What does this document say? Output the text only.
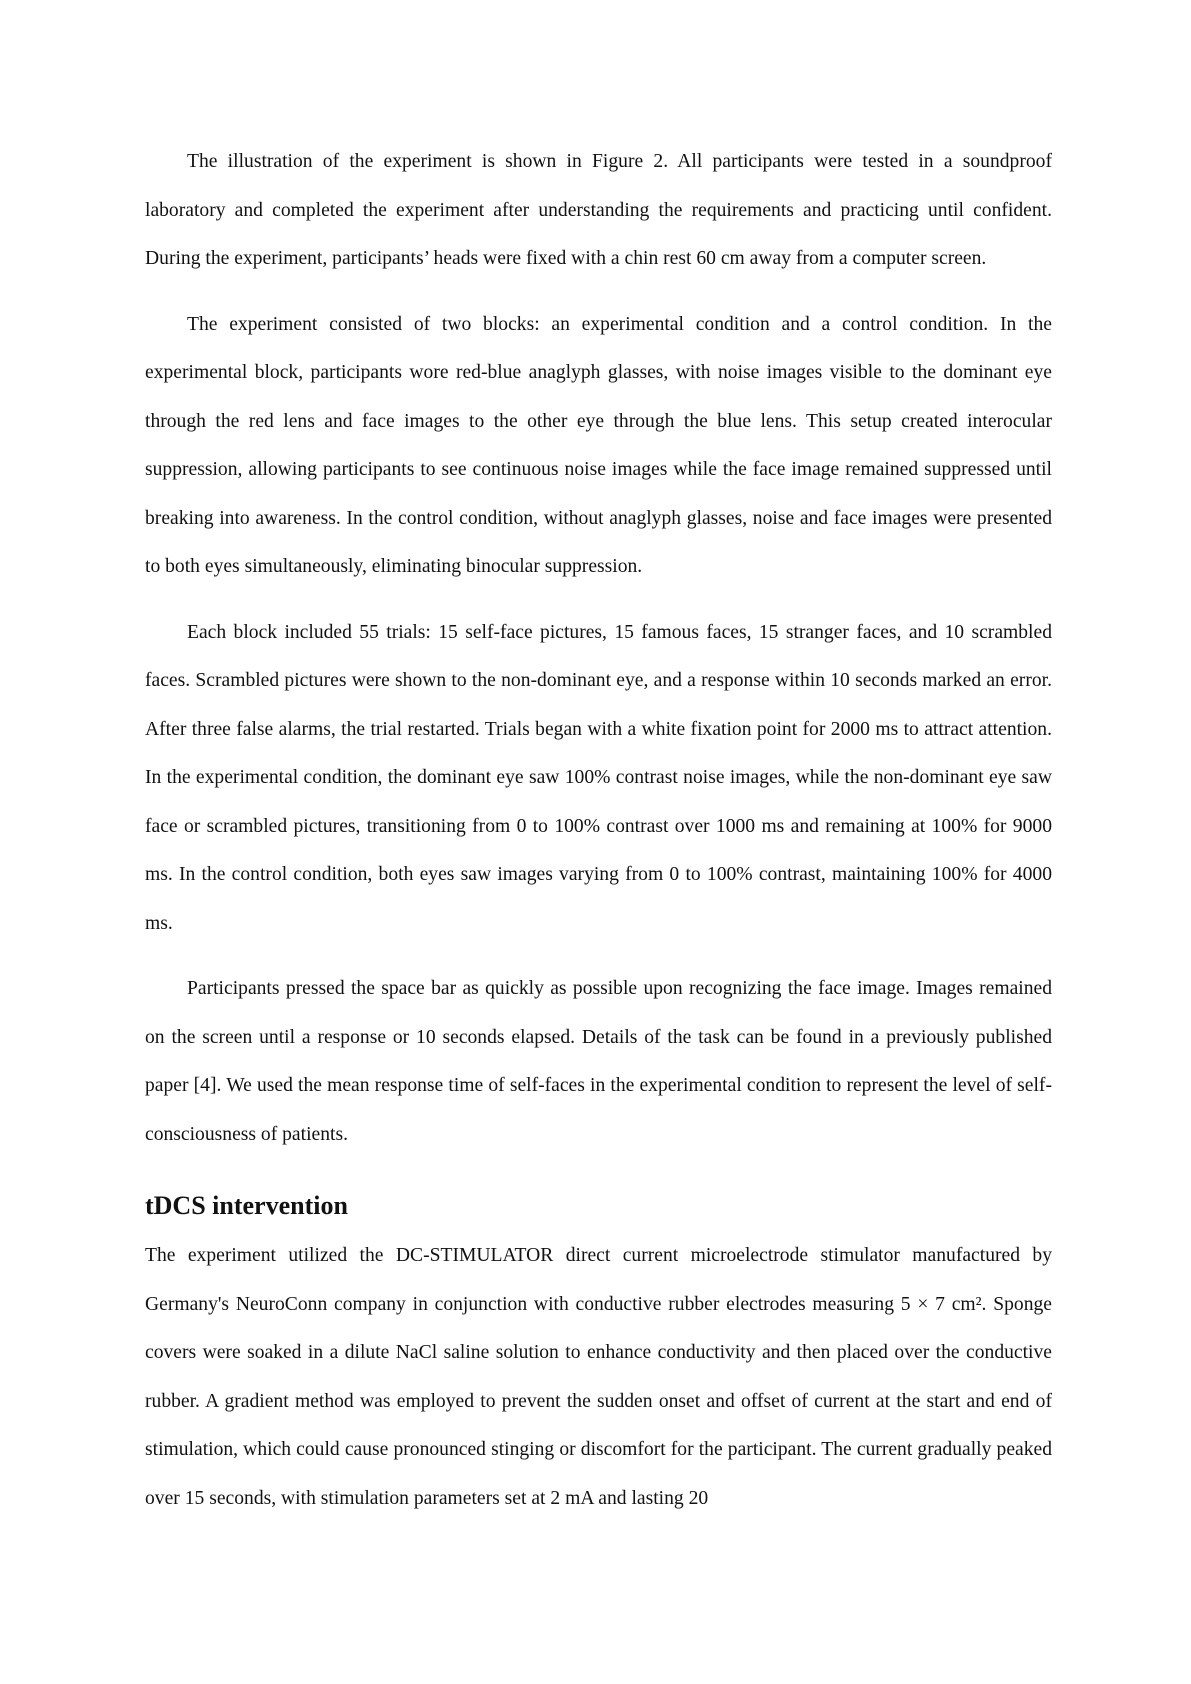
The illustration of the experiment is shown in Figure 2. All participants were tested in a soundproof laboratory and completed the experiment after understanding the requirements and practicing until confident. During the experiment, participants’ heads were fixed with a chin rest 60 cm away from a computer screen.

The experiment consisted of two blocks: an experimental condition and a control condition. In the experimental block, participants wore red-blue anaglyph glasses, with noise images visible to the dominant eye through the red lens and face images to the other eye through the blue lens. This setup created interocular suppression, allowing participants to see continuous noise images while the face image remained suppressed until breaking into awareness. In the control condition, without anaglyph glasses, noise and face images were presented to both eyes simultaneously, eliminating binocular suppression.

Each block included 55 trials: 15 self-face pictures, 15 famous faces, 15 stranger faces, and 10 scrambled faces. Scrambled pictures were shown to the non-dominant eye, and a response within 10 seconds marked an error. After three false alarms, the trial restarted. Trials began with a white fixation point for 2000 ms to attract attention. In the experimental condition, the dominant eye saw 100% contrast noise images, while the non-dominant eye saw face or scrambled pictures, transitioning from 0 to 100% contrast over 1000 ms and remaining at 100% for 9000 ms. In the control condition, both eyes saw images varying from 0 to 100% contrast, maintaining 100% for 4000 ms.

Participants pressed the space bar as quickly as possible upon recognizing the face image. Images remained on the screen until a response or 10 seconds elapsed. Details of the task can be found in a previously published paper [4]. We used the mean response time of self-faces in the experimental condition to represent the level of self-consciousness of patients.

tDCS intervention

The experiment utilized the DC-STIMULATOR direct current microelectrode stimulator manufactured by Germany's NeuroConn company in conjunction with conductive rubber electrodes measuring 5 × 7 cm². Sponge covers were soaked in a dilute NaCl saline solution to enhance conductivity and then placed over the conductive rubber. A gradient method was employed to prevent the sudden onset and offset of current at the start and end of stimulation, which could cause pronounced stinging or discomfort for the participant. The current gradually peaked over 15 seconds, with stimulation parameters set at 2 mA and lasting 20
